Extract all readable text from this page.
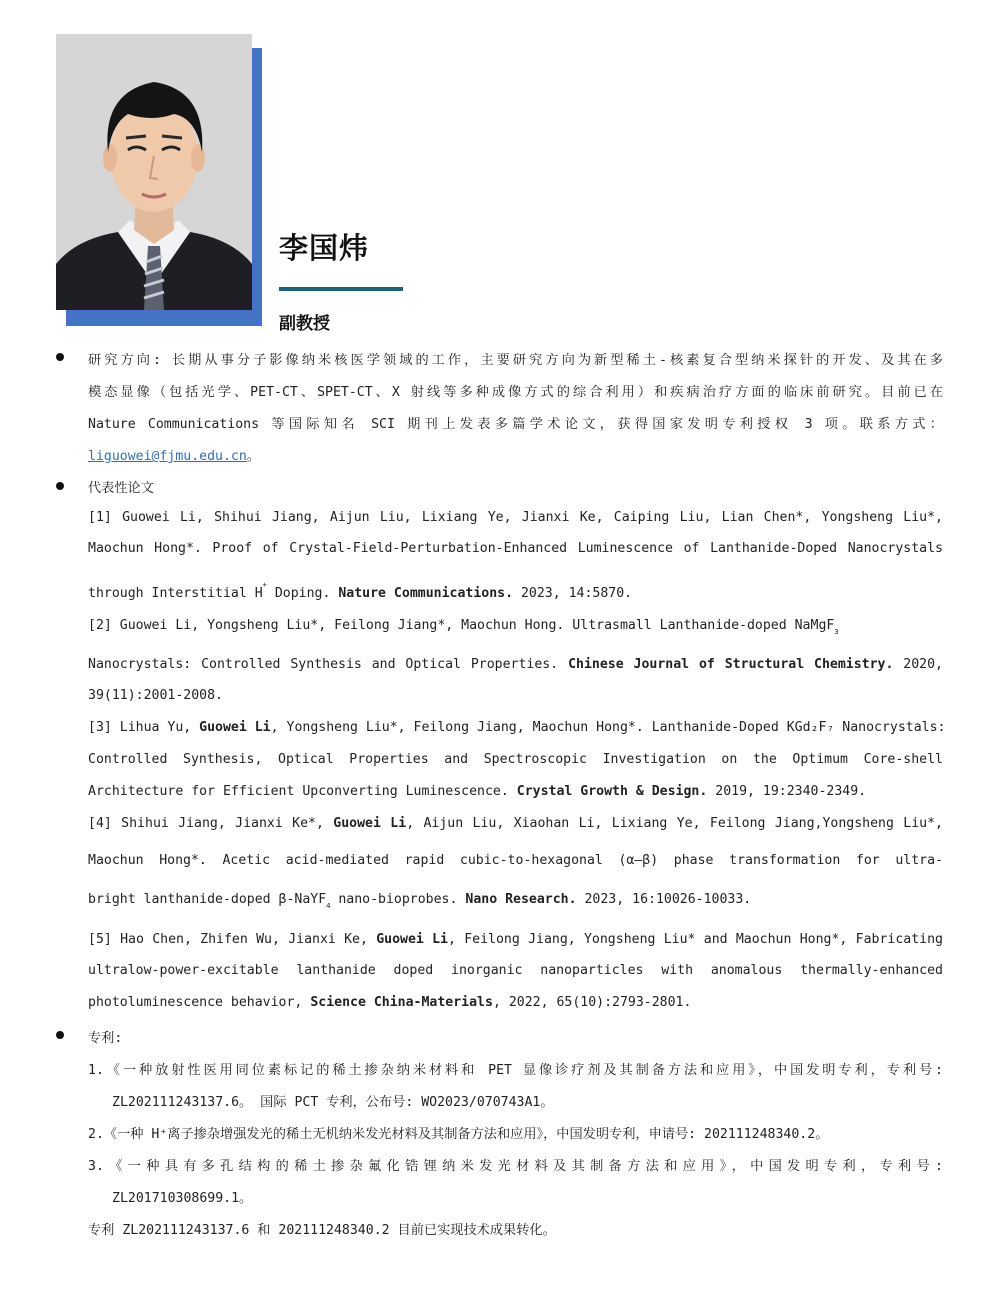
李国炜
副教授
研究方向: 长期从事分子影像纳米核医学领域的工作，主要研究方向为新型稀土-核素复合型纳米探针的开发、及其在多
模态显像（包括光学、PET-CT、SPET-CT、X 射线等多种成像方式的综合利用）和疾病治疗方面的临床前研究。目前已在
Nature Communications 等国际知名 SCI 期刊上发表多篇学术论文，获得国家发明专利授权 3 项。联系方式：
liguowei@fjmu.edu.cn。
代表性论文
[1] Guowei Li, Shihui Jiang, Aijun Liu, Lixiang Ye, Jianxi Ke, Caiping Liu, Lian Chen*, Yongsheng Liu*,
Maochun Hong*. Proof of Crystal-Field-Perturbation-Enhanced Luminescence of Lanthanide-Doped Nanocrystals
through Interstitial H+ Doping. Nature Communications. 2023, 14:5870.
[2] Guowei Li, Yongsheng Liu*, Feilong Jiang*, Maochun Hong. Ultrasmall Lanthanide-doped NaMgF$_3$
Nanocrystals: Controlled Synthesis and Optical Properties. Chinese Journal of Structural Chemistry. 2020,
39(11):2001-2008.
[3] Lihua Yu, Guowei Li, Yongsheng Liu*, Feilong Jiang, Maochun Hong*. Lanthanide-Doped KGd₂F₇ Nanocrystals:
Controlled Synthesis, Optical Properties and Spectroscopic Investigation on the Optimum Core-shell
Architecture for Efficient Upconverting Luminescence. Crystal Growth & Design. 2019, 19:2340-2349.
[4] Shihui Jiang, Jianxi Ke*, Guowei Li, Aijun Liu, Xiaohan Li, Lixiang Ye, Feilong Jiang,Yongsheng Liu*,
Maochun Hong*. Acetic acid-mediated rapid cubic-to-hexagonal (α–β) phase transformation for ultra-
bright lanthanide-doped β-NaYF$_4$ nano-bioprobes. Nano Research. 2023, 16:10026-10033.
[5] Hao Chen, Zhifen Wu, Jianxi Ke, Guowei Li, Feilong Jiang, Yongsheng Liu* and Maochun Hong*, Fabricating
ultralow-power-excitable lanthanide doped inorganic nanoparticles with anomalous thermally-enhanced
photoluminescence behavior, Science China-Materials, 2022, 65(10):2793-2801.
专利:
1.《一种放射性医用同位素标记的稀土掺杂纳米材料和 PET 显像诊疗剂及其制备方法和应用》，中国发明专利，专利号:
ZL202111243137.6。 国际 PCT 专利，公布号: WO2023/070743A1。
2.《一种 H⁺离子掺杂增强发光的稀土无机纳米发光材料及其制备方法和应用》，中国发明专利，申请号: 202111248340.2。
3.《一种具有多孔结构的稀土掺杂氟化锆锂纳米发光材料及其制备方法和应用》，中国发明专利，专利号:
ZL201710308699.1。
专利 ZL202111243137.6 和 202111248340.2 目前已实现技术成果转化。
